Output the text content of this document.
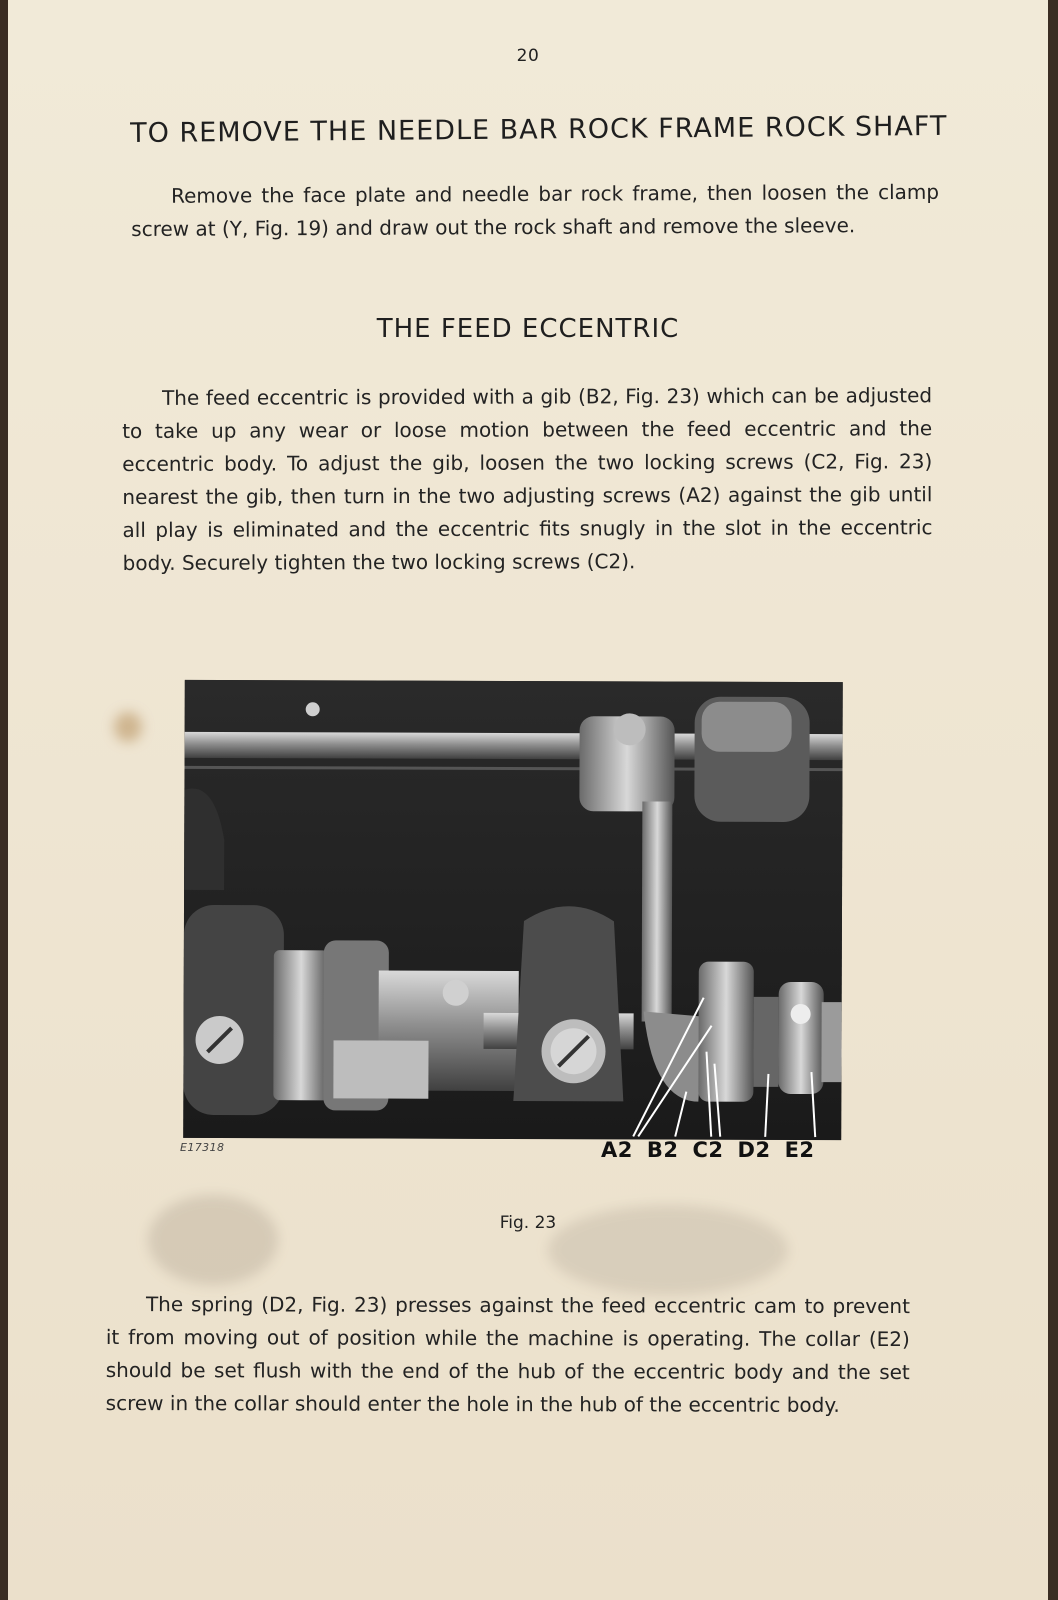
20
TO REMOVE THE NEEDLE BAR ROCK FRAME ROCK SHAFT
Remove the face plate and needle bar rock frame, then loosen the clamp screw at (Y, Fig. 19) and draw out the rock shaft and remove the sleeve.
THE FEED ECCENTRIC
The feed eccentric is provided with a gib (B2, Fig. 23) which can be adjusted to take up any wear or loose motion between the feed eccentric and the eccentric body. To adjust the gib, loosen the two locking screws (C2, Fig. 23) nearest the gib, then turn in the two adjusting screws (A2) against the gib until all play is eliminated and the eccentric fits snugly in the slot in the eccentric body. Securely tighten the two locking screws (C2).
E17318	A2 B2 C2 D2 E2
Fig. 23
The spring (D2, Fig. 23) presses against the feed eccentric cam to prevent it from moving out of position while the machine is operating. The collar (E2) should be set flush with the end of the hub of the eccentric body and the set screw in the collar should enter the hole in the hub of the eccentric body.
